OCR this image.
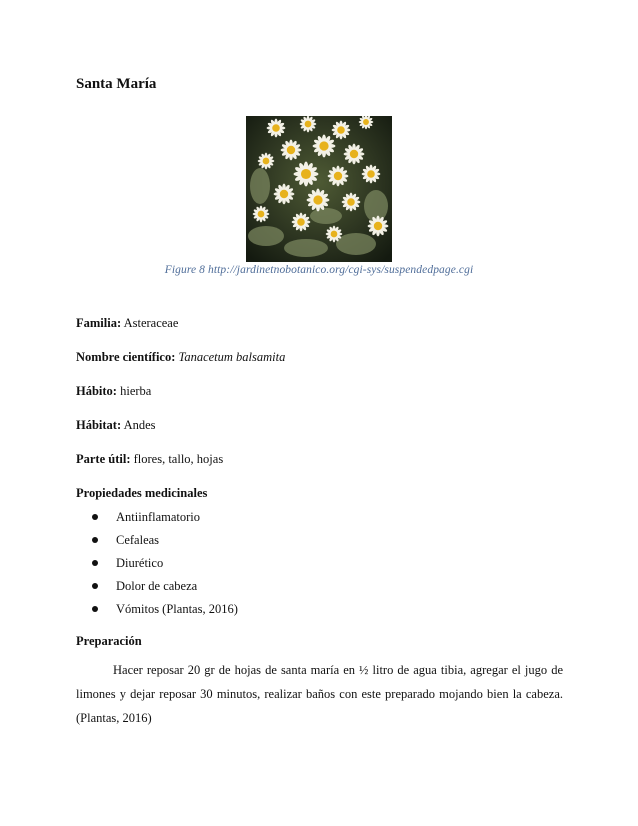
Santa María
Figure 8 http://jardinetnobotanico.org/cgi-sys/suspendedpage.cgi
Familia: Asteraceae
Nombre científico: Tanacetum balsamita
Hábito: hierba
Hábitat: Andes
Parte útil: flores, tallo, hojas
Propiedades medicinales
Antiinflamatorio
Cefaleas
Diurético
Dolor de cabeza
Vómitos (Plantas, 2016)
Preparación

Hacer reposar 20 gr de hojas de santa maría en ½ litro de agua tibia, agregar el jugo de limones y dejar reposar 30 minutos, realizar baños con este preparado mojando bien la cabeza. (Plantas, 2016)
